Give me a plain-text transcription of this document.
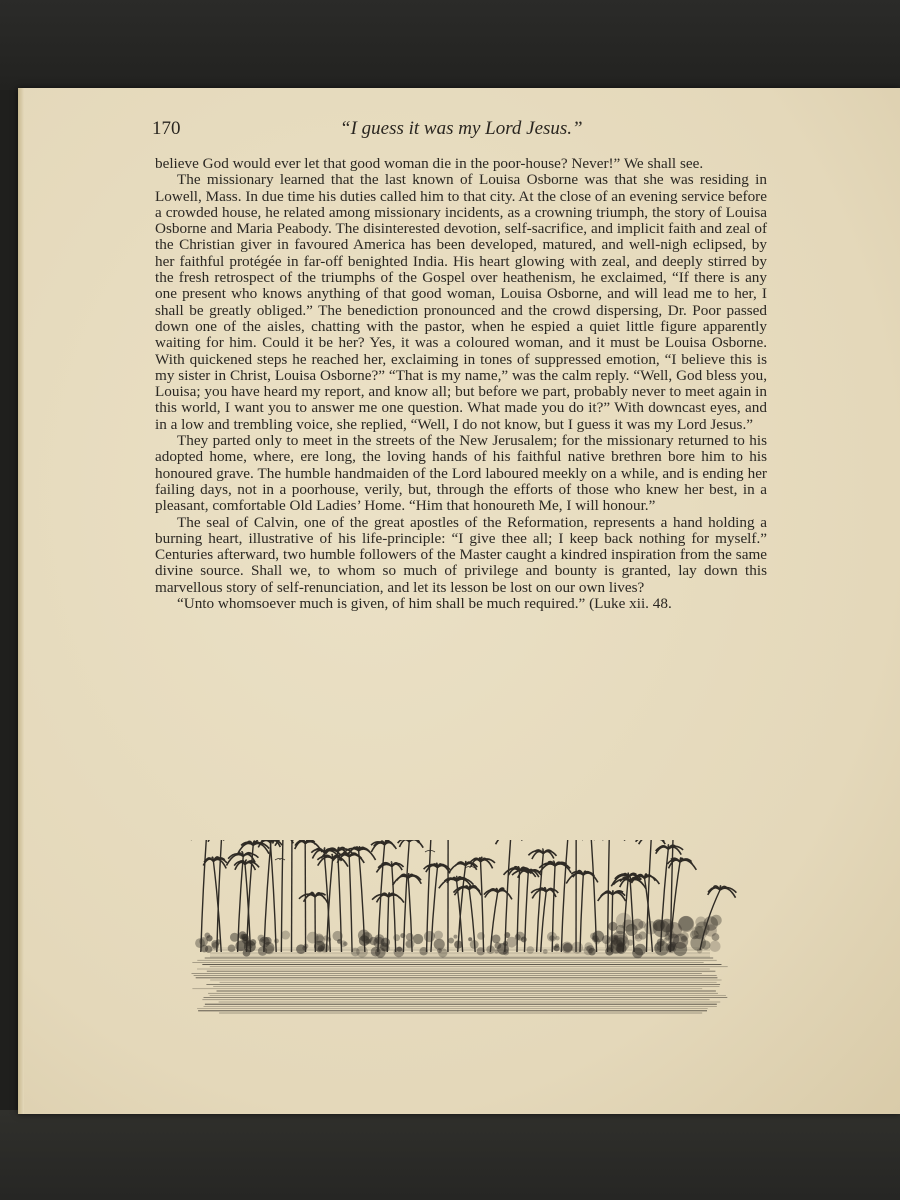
170	“I guess it was my Lord Jesus.”

believe God would ever let that good woman die in the poor-house? Never!” We shall see.

The missionary learned that the last known of Louisa Osborne was that she was residing in Lowell, Mass. In due time his duties called him to that city. At the close of an evening service before a crowded house, he related among missionary incidents, as a crowning triumph, the story of Louisa Osborne and Maria Peabody. The disinterested devotion, self-sacrifice, and implicit faith and zeal of the Christian giver in favoured America has been developed, matured, and well-nigh eclipsed, by her faithful protégée in far-off benighted India. His heart glowing with zeal, and deeply stirred by the fresh retrospect of the triumphs of the Gospel over heathenism, he exclaimed, “If there is any one present who knows anything of that good woman, Louisa Osborne, and will lead me to her, I shall be greatly obliged.” The benediction pronounced and the crowd dispersing, Dr. Poor passed down one of the aisles, chatting with the pastor, when he espied a quiet little figure apparently waiting for him. Could it be her? Yes, it was a coloured woman, and it must be Louisa Osborne. With quickened steps he reached her, exclaiming in tones of suppressed emotion, “I believe this is my sister in Christ, Louisa Osborne?” “That is my name,” was the calm reply. “Well, God bless you, Louisa; you have heard my report, and know all; but before we part, probably never to meet again in this world, I want you to answer me one question. What made you do it?” With downcast eyes, and in a low and trembling voice, she replied, “Well, I do not know, but I guess it was my Lord Jesus.”

They parted only to meet in the streets of the New Jerusalem; for the missionary returned to his adopted home, where, ere long, the loving hands of his faithful native brethren bore him to his honoured grave. The humble handmaiden of the Lord laboured meekly on a while, and is ending her failing days, not in a poorhouse, verily, but, through the efforts of those who knew her best, in a pleasant, comfortable Old Ladies’ Home. “Him that honoureth Me, I will honour.”

The seal of Calvin, one of the great apostles of the Reformation, represents a hand holding a burning heart, illustrative of his life-principle: “I give thee all; I keep back nothing for myself.” Centuries afterward, two humble followers of the Master caught a kindred inspiration from the same divine source. Shall we, to whom so much of privilege and bounty is granted, lay down this marvellous story of self-renunciation, and let its lesson be lost on our own lives?

“Unto whomsoever much is given, of him shall be much required.” (Luke xii. 48.
